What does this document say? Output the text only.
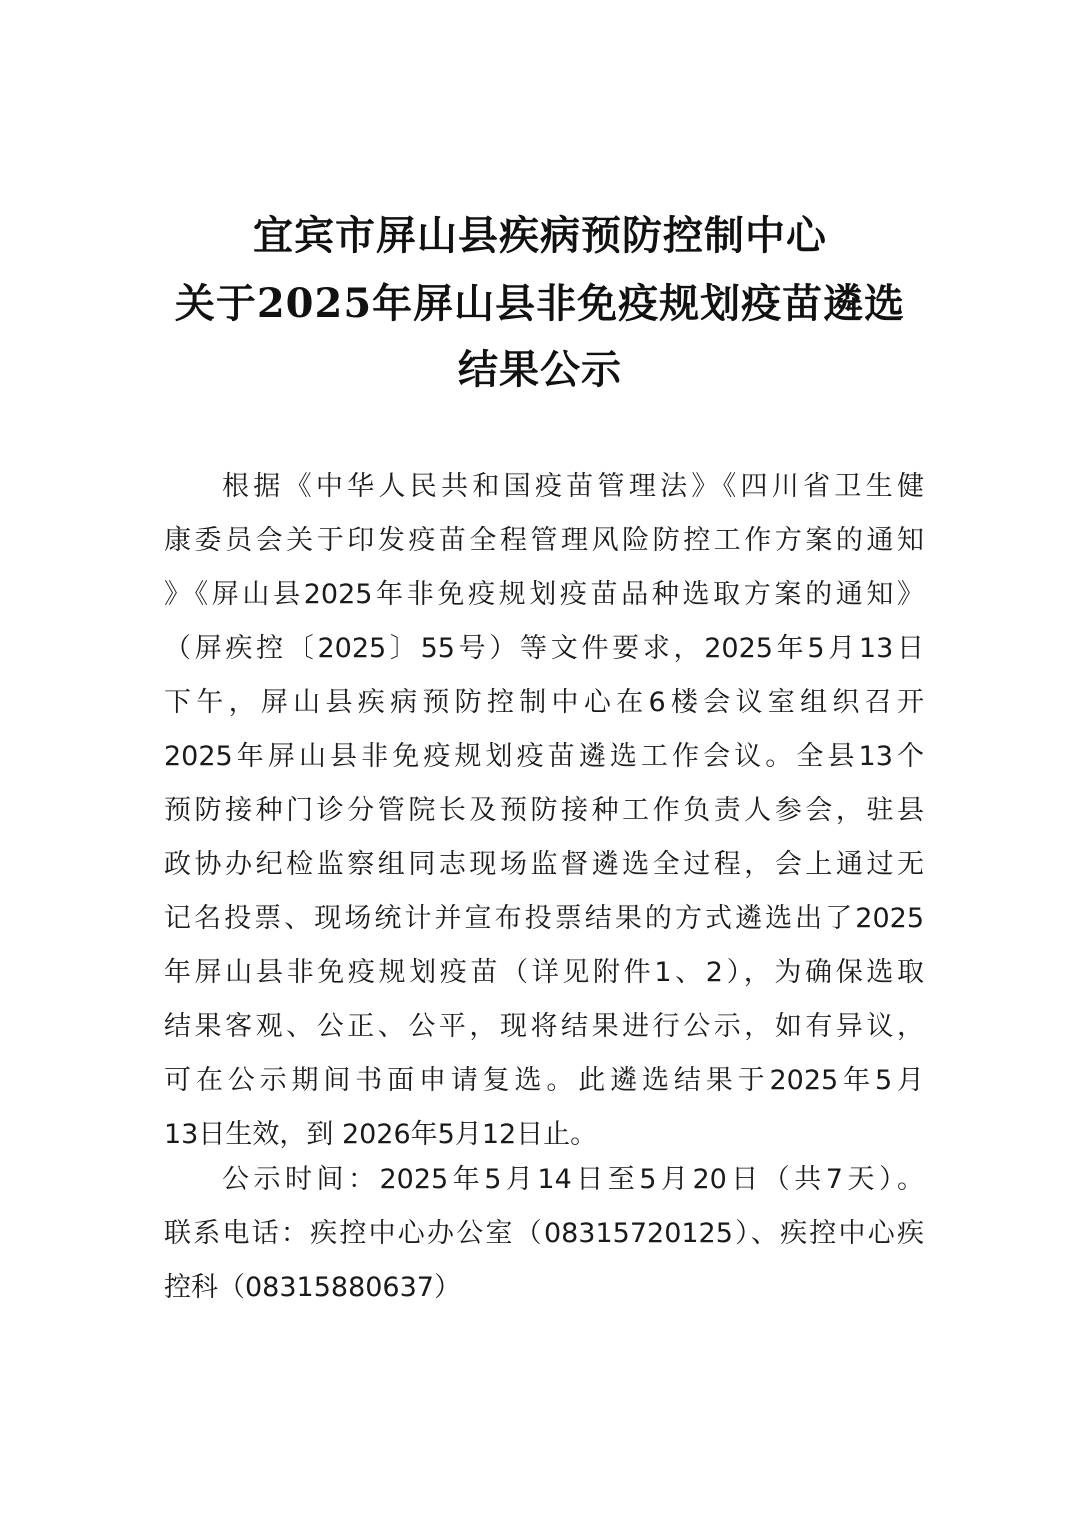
宜宾市屏山县疾病预防控制中心
关于2025年屏山县非免疫规划疫苗遴选
结果公示
根据《中华人民共和国疫苗管理法》《四川省卫生健
康委员会关于印发疫苗全程管理风险防控工作方案的通知
》《屏山县2025年非免疫规划疫苗品种选取方案的通知》
（屏疾控〔2025〕55号）等文件要求，2025年5月13日
下午，屏山县疾病预防控制中心在6楼会议室组织召开
2025年屏山县非免疫规划疫苗遴选工作会议。全县13个
预防接种门诊分管院长及预防接种工作负责人参会，驻县
政协办纪检监察组同志现场监督遴选全过程，会上通过无
记名投票、现场统计并宣布投票结果的方式遴选出了2025
年屏山县非免疫规划疫苗（详见附件1、2），为确保选取
结果客观、公正、公平，现将结果进行公示，如有异议，
可在公示期间书面申请复选。此遴选结果于2025年5月
13日生效，到 2026年5月12日止。
公示时间：2025年5月14日至5月20日（共7天）。
联系电话：疾控中心办公室（08315720125）、疾控中心疾
控科（08315880637）
